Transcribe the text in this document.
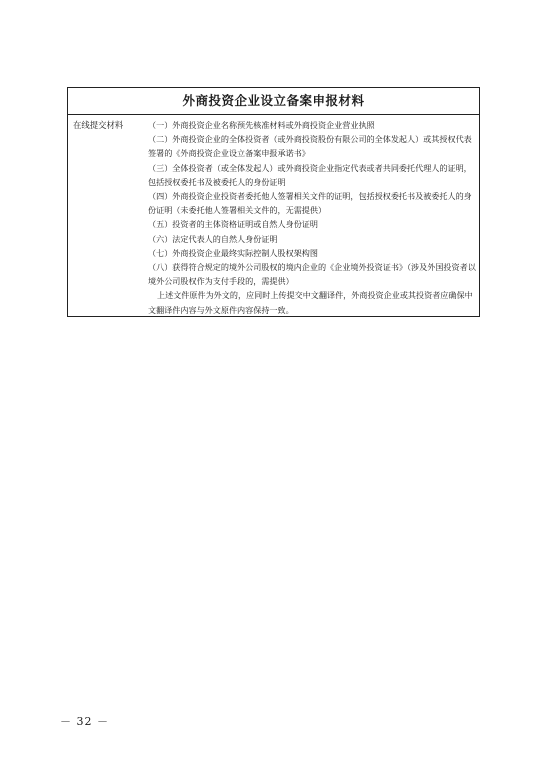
外商投资企业设立备案申报材料
在线提交材料	（一）外商投资企业名称预先核准材料或外商投资企业营业执照

（二）外商投资企业的全体投资者（或外商投资股份有限公司的全体发起人）或其授权代表签署的《外商投资企业设立备案申报承诺书》

（三）全体投资者（或全体发起人）或外商投资企业指定代表或者共同委托代理人的证明，包括授权委托书及被委托人的身份证明

（四）外商投资企业投资者委托他人签署相关文件的证明，包括授权委托书及被委托人的身份证明（未委托他人签署相关文件的，无需提供）

（五）投资者的主体资格证明或自然人身份证明

（六）法定代表人的自然人身份证明

（七）外商投资企业最终实际控制人股权架构图

（八）获得符合规定的境外公司股权的境内企业的《企业境外投资证书》（涉及外国投资者以境外公司股权作为支付手段的，需提供）

上述文件原件为外文的，应同时上传提交中文翻译件，外商投资企业或其投资者应确保中文翻译件内容与外文原件内容保持一致。

－ 32 －
